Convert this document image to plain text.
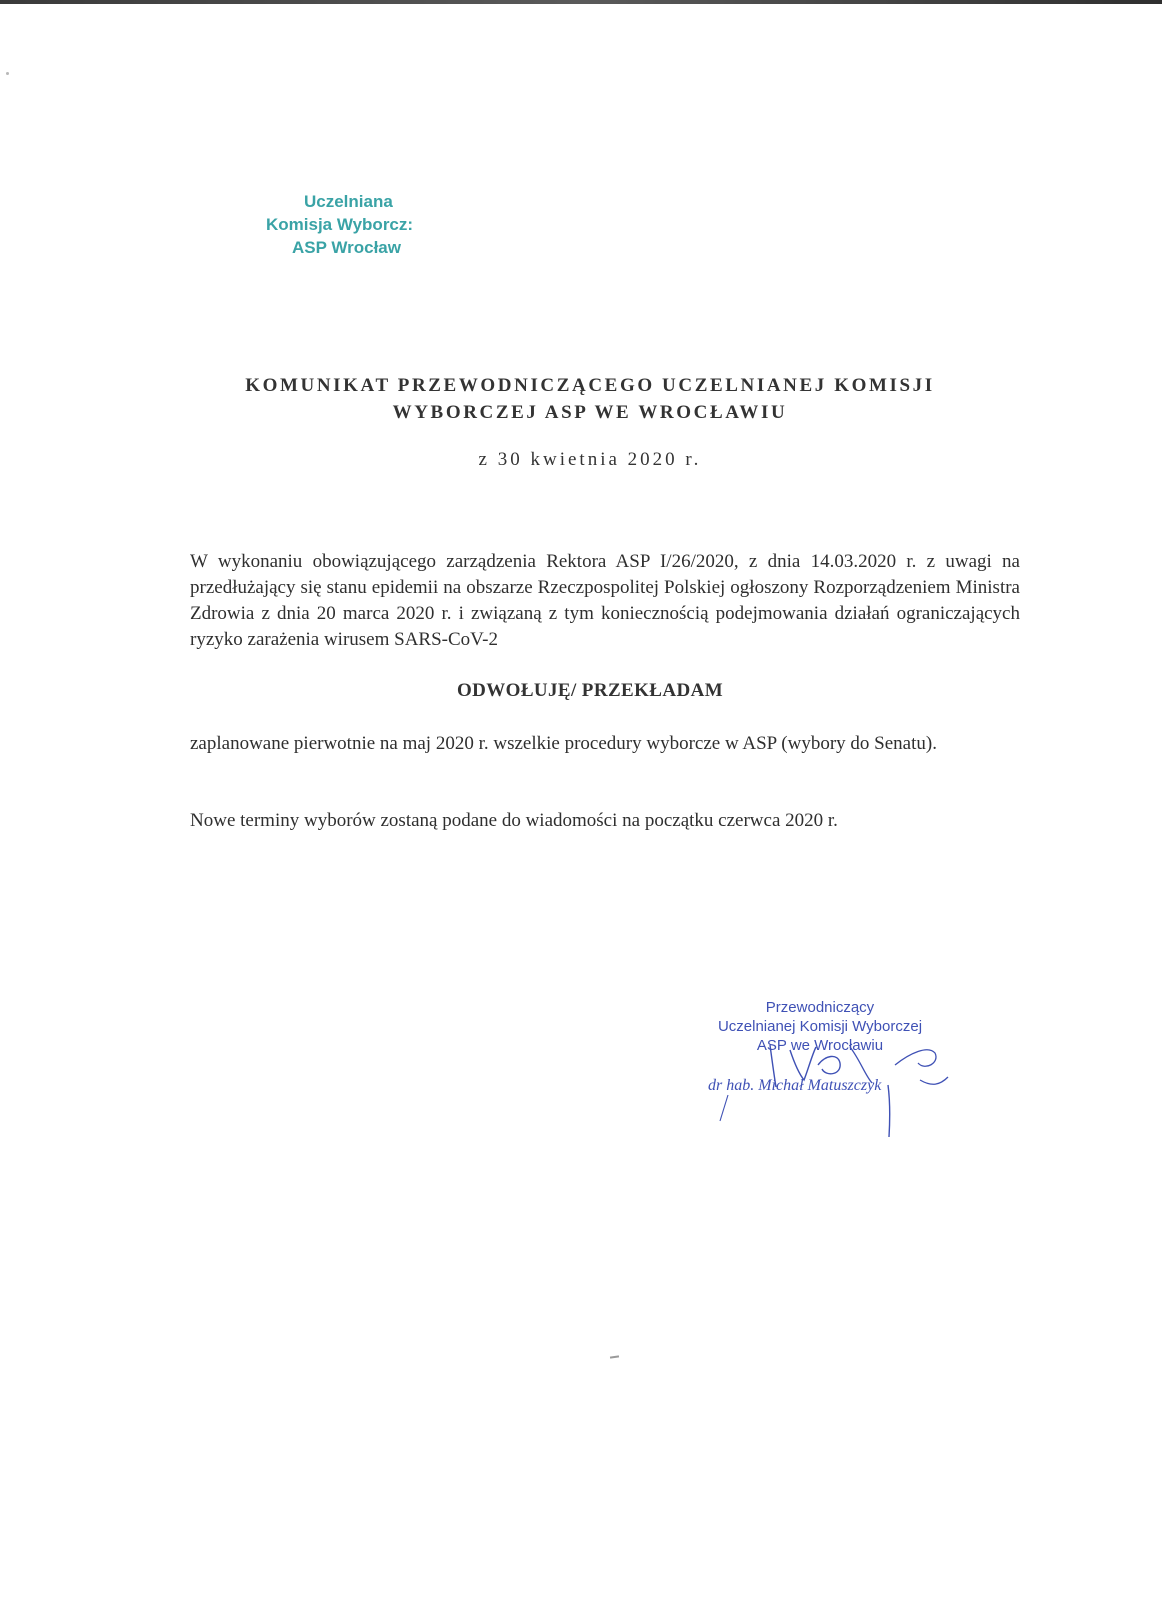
Uczelniana
Komisja Wyborcz:
ASP Wrocław
KOMUNIKAT PRZEWODNICZĄCEGO UCZELNIANEJ KOMISJI
WYBORCZEJ ASP WE WROCŁAWIU
z 30 kwietnia 2020 r.
W wykonaniu obowiązującego zarządzenia Rektora ASP I/26/2020, z dnia 14.03.2020 r. z uwagi na przedłużający się stanu epidemii na obszarze Rzeczpospolitej Polskiej ogłoszony Rozporządzeniem Ministra Zdrowia z dnia 20 marca 2020 r. i związaną z tym koniecznością podejmowania działań ograniczających ryzyko zarażenia wirusem SARS-CoV-2
ODWOŁUJĘ/ PRZEKŁADAM
zaplanowane pierwotnie na maj 2020 r. wszelkie procedury wyborcze w ASP (wybory do Senatu).
Nowe terminy wyborów zostaną podane do wiadomości na początku czerwca 2020 r.
Przewodniczący
Uczelnianej Komisji Wyborczej
ASP we Wrocławiu
dr hab. Michał Matuszczyk
